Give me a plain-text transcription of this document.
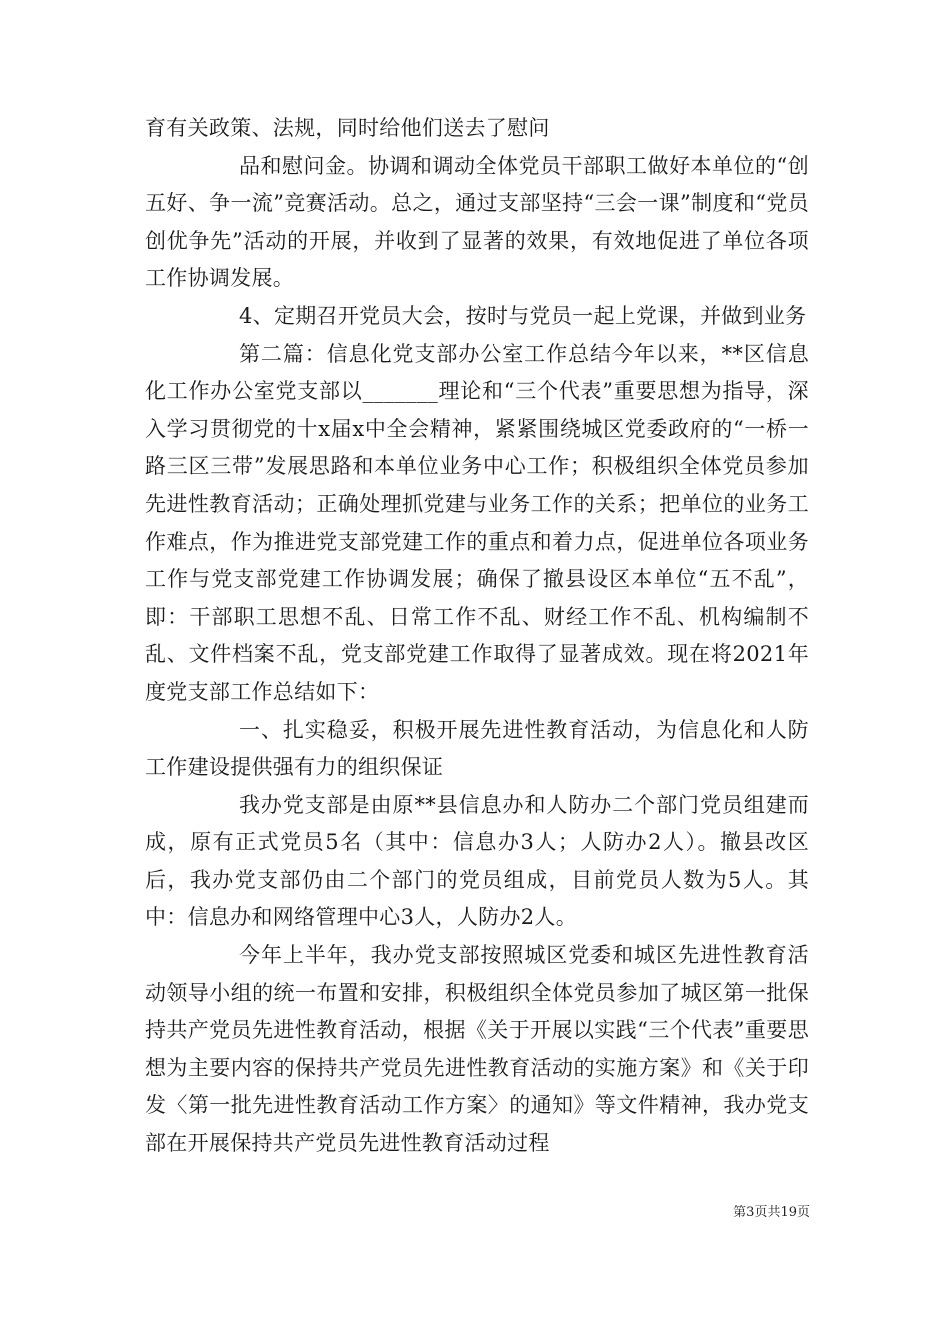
育有关政策、法规，同时给他们送去了慰问

品和慰问金。协调和调动全体党员干部职工做好本单位的“创五好、争一流”竞赛活动。总之，通过支部坚持“三会一课”制度和“党员创优争先”活动的开展，并收到了显著的效果，有效地促进了单位各项工作协调发展。

4、定期召开党员大会，按时与党员一起上党课，并做到业务

第二篇：信息化党支部办公室工作总结今年以来，**区信息化工作办公室党支部以_______理论和“三个代表”重要思想为指导，深入学习贯彻党的十x届x中全会精神，紧紧围绕城区党委政府的“一桥一路三区三带”发展思路和本单位业务中心工作；积极组织全体党员参加先进性教育活动；正确处理抓党建与业务工作的关系；把单位的业务工作难点，作为推进党支部党建工作的重点和着力点，促进单位各项业务工作与党支部党建工作协调发展；确保了撤县设区本单位“五不乱”，即：干部职工思想不乱、日常工作不乱、财经工作不乱、机构编制不乱、文件档案不乱，党支部党建工作取得了显著成效。现在将2021年度党支部工作总结如下：

一、扎实稳妥，积极开展先进性教育活动，为信息化和人防工作建设提供强有力的组织保证

我办党支部是由原**县信息办和人防办二个部门党员组建而成，原有正式党员5名（其中：信息办3人；人防办2人）。撤县改区后，我办党支部仍由二个部门的党员组成，目前党员人数为5人。其中：信息办和网络管理中心3人，人防办2人。

今年上半年，我办党支部按照城区党委和城区先进性教育活动领导小组的统一布置和安排，积极组织全体党员参加了城区第一批保持共产党员先进性教育活动，根据《关于开展以实践“三个代表”重要思想为主要内容的保持共产党员先进性教育活动的实施方案》和《关于印发〈第一批先进性教育活动工作方案〉的通知》等文件精神，我办党支部在开展保持共产党员先进性教育活动过程

第3页共19页
